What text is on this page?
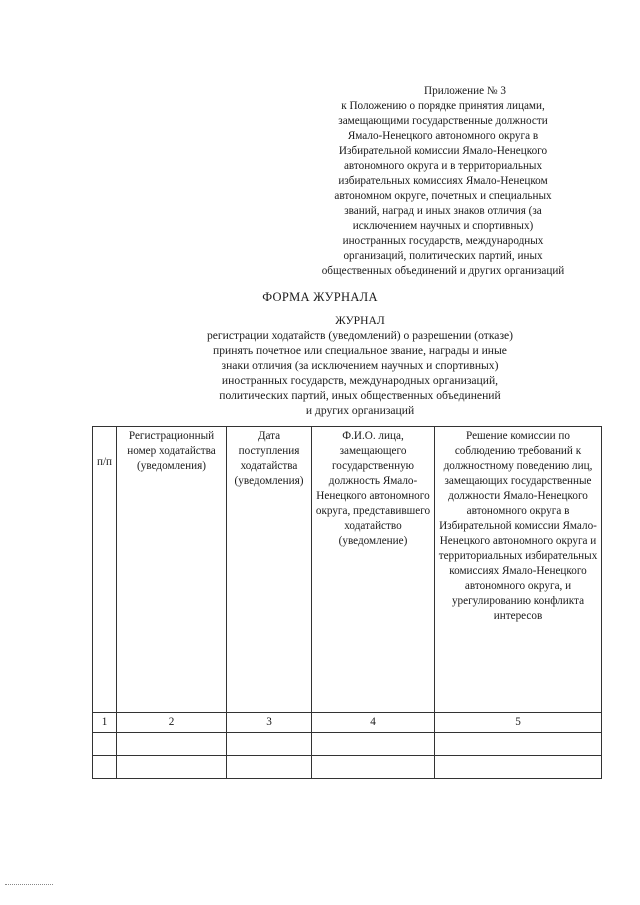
Приложение № 3
к Положению о порядке принятия лицами,
замещающими государственные должности
Ямало-Ненецкого автономного округа в
Избирательной комиссии Ямало-Ненецкого
автономного округа и в территориальных
избирательных комиссиях Ямало-Ненецком
автономном округе, почетных и специальных
званий, наград и иных знаков отличия (за
исключением научных и спортивных)
иностранных государств, международных
организаций, политических партий, иных
общественных объединений и других организаций
ФОРМА ЖУРНАЛА
ЖУРНАЛ
регистрации ходатайств (уведомлений) о разрешении (отказе)
принять почетное или специальное звание, награды и иные
знаки отличия (за исключением научных и спортивных)
иностранных государств, международных организаций,
политических партий, иных общественных объединений
и других организаций
п/п	Регистрационный номер ходатайства (уведомления)	Дата поступления ходатайства (уведомления)	Ф.И.О. лица, замещающего государственную должность Ямало-Ненецкого автономного округа, представившего ходатайство (уведомление)	Решение комиссии по соблюдению требований к должностному поведению лиц, замещающих государственные должности Ямало-Ненецкого автономного округа в Избирательной комиссии Ямало-Ненецкого автономного округа и территориальных избирательных комиссиях Ямало-Ненецкого автономного округа, и урегулированию конфликта интересов
1	2	3	4	5
